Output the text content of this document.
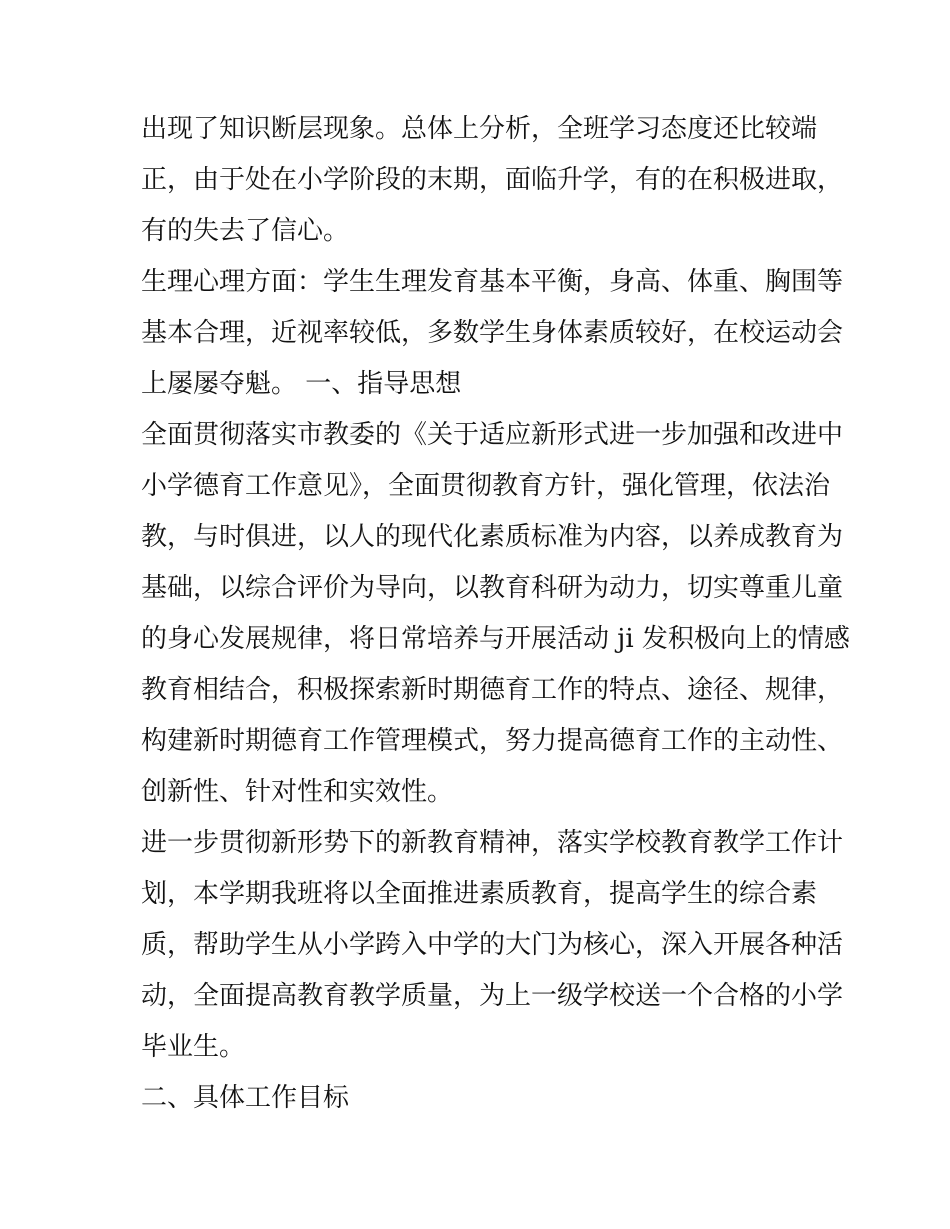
出现了知识断层现象。总体上分析，全班学习态度还比较端
正，由于处在小学阶段的末期，面临升学，有的在积极进取，
有的失去了信心。
生理心理方面：学生生理发育基本平衡，身高、体重、胸围等
基本合理，近视率较低，多数学生身体素质较好，在校运动会
上屡屡夺魁。 一、指导思想
全面贯彻落实市教委的《关于适应新形式进一步加强和改进中
小学德育工作意见》，全面贯彻教育方针，强化管理，依法治
教，与时俱进，以人的现代化素质标准为内容，以养成教育为
基础，以综合评价为导向，以教育科研为动力，切实尊重儿童
的身心发展规律，将日常培养与开展活动 ji 发积极向上的情感
教育相结合，积极探索新时期德育工作的特点、途径、规律，
构建新时期德育工作管理模式，努力提高德育工作的主动性、
创新性、针对性和实效性。
进一步贯彻新形势下的新教育精神，落实学校教育教学工作计
划，本学期我班将以全面推进素质教育，提高学生的综合素
质，帮助学生从小学跨入中学的大门为核心，深入开展各种活
动，全面提高教育教学质量，为上一级学校送一个合格的小学
毕业生。
二、具体工作目标
